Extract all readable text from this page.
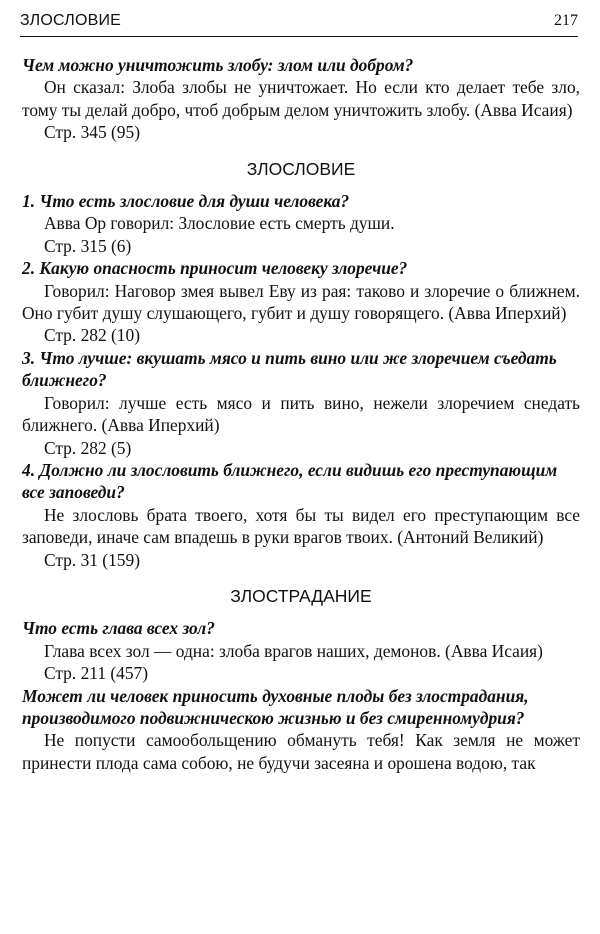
ЗЛОСЛОВИЕ	217

Чем можно уничтожить злобу: злом или добром?

Он сказал: Злоба злобы не уничтожает. Но если кто делает тебе зло, тому ты делай добро, чтоб добрым делом уничтожить злобу. (Авва Исаия)

Стр. 345 (95)

ЗЛОСЛОВИЕ

1. Что есть злословие для души человека?

Авва Ор говорил: Злословие есть смерть души.

Стр. 315 (6)

2. Какую опасность приносит человеку злоречие?

Говорил: Наговор змея вывел Еву из рая: таково и злоречие о ближнем. Оно губит душу слушающего, губит и душу говорящего. (Авва Иперхий)

Стр. 282 (10)

3. Что лучше: вкушать мясо и пить вино или же злоречием съедать ближнего?

Говорил: лучше есть мясо и пить вино, нежели злоречием снедать ближнего. (Авва Иперхий)

Стр. 282 (5)

4. Должно ли злословить ближнего, если видишь его преступающим все заповеди?

Не злословь брата твоего, хотя бы ты видел его преступающим все заповеди, иначе сам впадешь в руки врагов твоих. (Антоний Великий)

Стр. 31 (159)

ЗЛОСТРАДАНИЕ

Что есть глава всех зол?

Глава всех зол — одна: злоба врагов наших, демонов. (Авва Исаия)

Стр. 211 (457)

Может ли человек приносить духовные плоды без злострадания, производимого подвижническою жизнью и без смиренномудрия?

Не попусти самообольщению обмануть тебя! Как земля не может принести плода сама собою, не будучи засеяна и орошена водою, так
